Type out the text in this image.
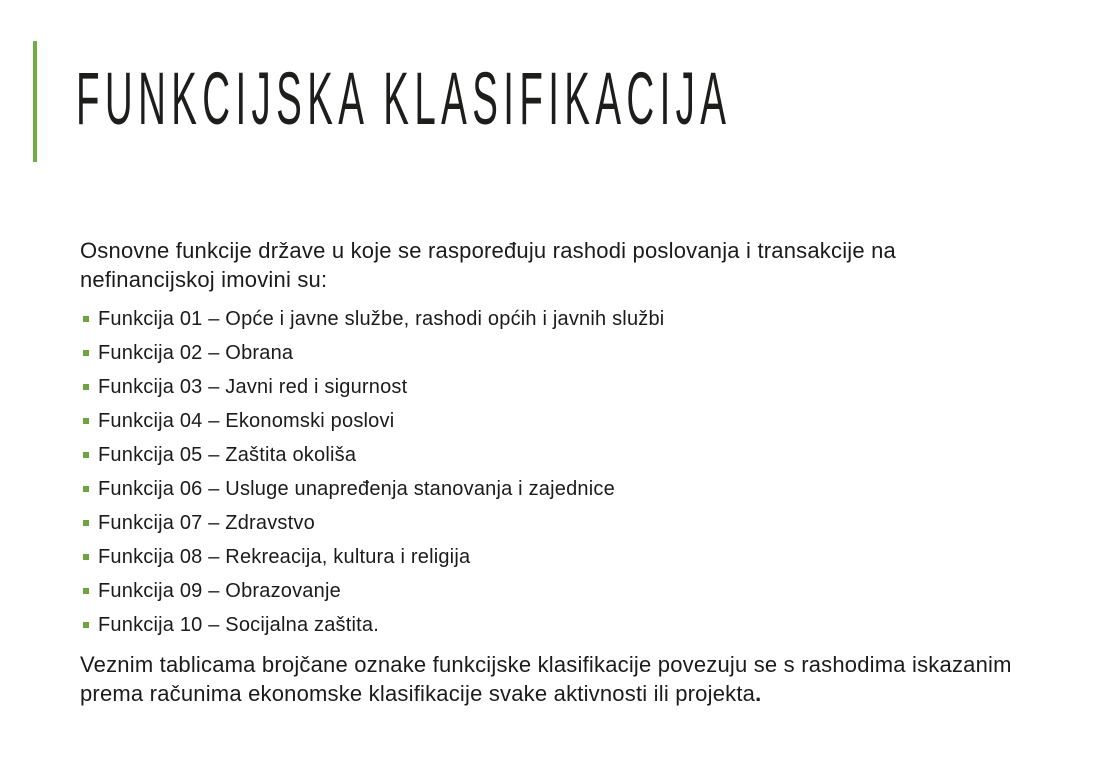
FUNKCIJSKA KLASIFIKACIJA

Osnovne funkcije države u koje se raspoređuju rashodi poslovanja i transakcije na nefinancijskoj imovini su:

Funkcija 01 – Opće i javne službe, rashodi općih i javnih službi
Funkcija 02 – Obrana
Funkcija 03 – Javni red i sigurnost
Funkcija 04 – Ekonomski poslovi
Funkcija 05 – Zaštita okoliša
Funkcija 06 – Usluge unapređenja stanovanja i zajednice
Funkcija 07 – Zdravstvo
Funkcija 08 – Rekreacija, kultura i religija
Funkcija 09 – Obrazovanje
Funkcija 10 – Socijalna zaštita.

Veznim tablicama brojčane oznake funkcijske klasifikacije povezuju se s rashodima iskazanim prema računima ekonomske klasifikacije svake aktivnosti ili projekta.
